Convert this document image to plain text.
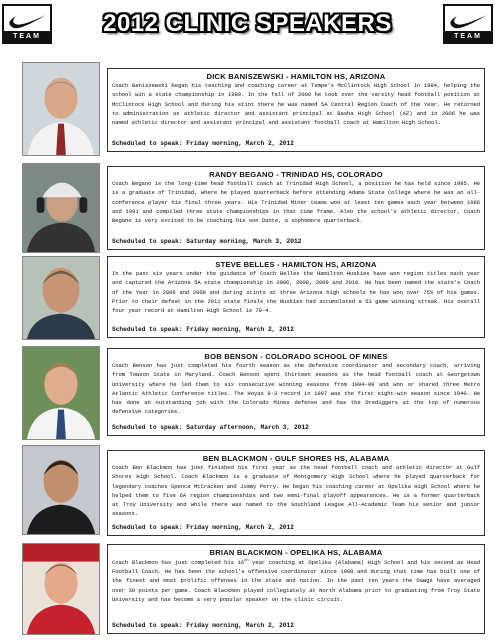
TEAM	2012 CLINIC SPEAKERS	TEAM
DICK BANISZEWSKI - HAMILTON HS, ARIZONA
Coach Baniszewski began his teaching and coaching career at Tempe's McClintock High School in 1984, helping the school win a state championship in 1989. In the fall of 2000 he took over the varsity head football position at McClintock High School and during his stint there he was named 5A Central Region Coach of the Year. He returned to administration as athletic director and assistant principal at Basha High School (AZ) and in 2006 he was named athletic director and assistant principal and assistant football coach at Hamilton High School.
Scheduled to speak: Friday morning, March 2, 2012
RANDY BEGANO - TRINIDAD HS, COLORADO
Coach Begano is the long-time head football coach at Trinidad High School, a position he has held since 1985. He is a graduate of Trinidad, where he played quarterback before attending Adams State College where he was an all-conference player his final three years. His Trinidad Miner teams won at least ten games each year between 1986 and 1991 and compiled three state championships in that time frame. Also the school's athletic director, Coach Begano is very excited to be coaching his son Dante, a sophomore quarterback.
Scheduled to speak: Saturday morning, March 3, 2012
STEVE BELLES - HAMILTON HS, ARIZONA
In the past six years under the guidance of Coach Belles the Hamilton Huskies have won region titles each year and captured the Arizona 5A state championship in 2006, 2008, 2009 and 2010. He has been named the state's Coach of the Year in 2006 and 2008 and during stints at three Arizona high schools he has won over 75% of his games. Prior to their defeat in the 2011 state finals the Huskies had accumulated a 53 game winning streak. His overall four year record at Hamilton High School is 79-4.
Scheduled to speak: Friday morning, March 2, 2012
BOB BENSON - COLORADO SCHOOL OF MINES
Coach Benson has just completed his fourth season as the defensive coordinator and secondary coach, arriving from Towson State in Maryland. Coach Benson spent thirteen seasons as the head football coach at Georgetown University where he led them to six consecutive winning seasons from 1994-99 and won or shared three Metro Atlantic Athletic Conference titles. The Hoyas 8-3 record in 1997 was the first eight-win season since 1940. He has done an outstanding job with the Colorado Mines defense and has the Orediggers at the top of numerous defensive categories.
Scheduled to speak: Saturday afternoon, March 3, 2012
BEN BLACKMON - GULF SHORES HS, ALABAMA
Coach Ben Blackmon has just finished his first year as the head football coach and athletic director at Gulf Shores High School. Coach Blackmon is a graduate of Montgomery High School where he played quarterback for legendary coaches Spence McCracken and Jimmy Perry. He began his coaching career at Opelika High School where he helped them to five 6A region championships and two semi-final playoff appearances. He is a former quarterback at Troy University and while there was named to the Southland League All-Academic Team his senior and junior seasons.
Scheduled to speak: Friday morning, March 2, 2012
BRIAN BLACKMON - OPELIKA HS, ALABAMA
Coach Blackmon has just completed his 16th year coaching at Opelika (Alabama) High School and his second as Head Football Coach. He has been the school's offensive coordinator since 1998 and during that time has built one of the finest and most prolific offenses in the state and nation. In the past ten years the Dawgs have averaged over 30 points per game. Coach Blackmon played collegiately at North Alabama prior to graduating from Troy State University and has become a very popular speaker on the clinic circuit.
Scheduled to speak: Friday morning, March 2, 2012
